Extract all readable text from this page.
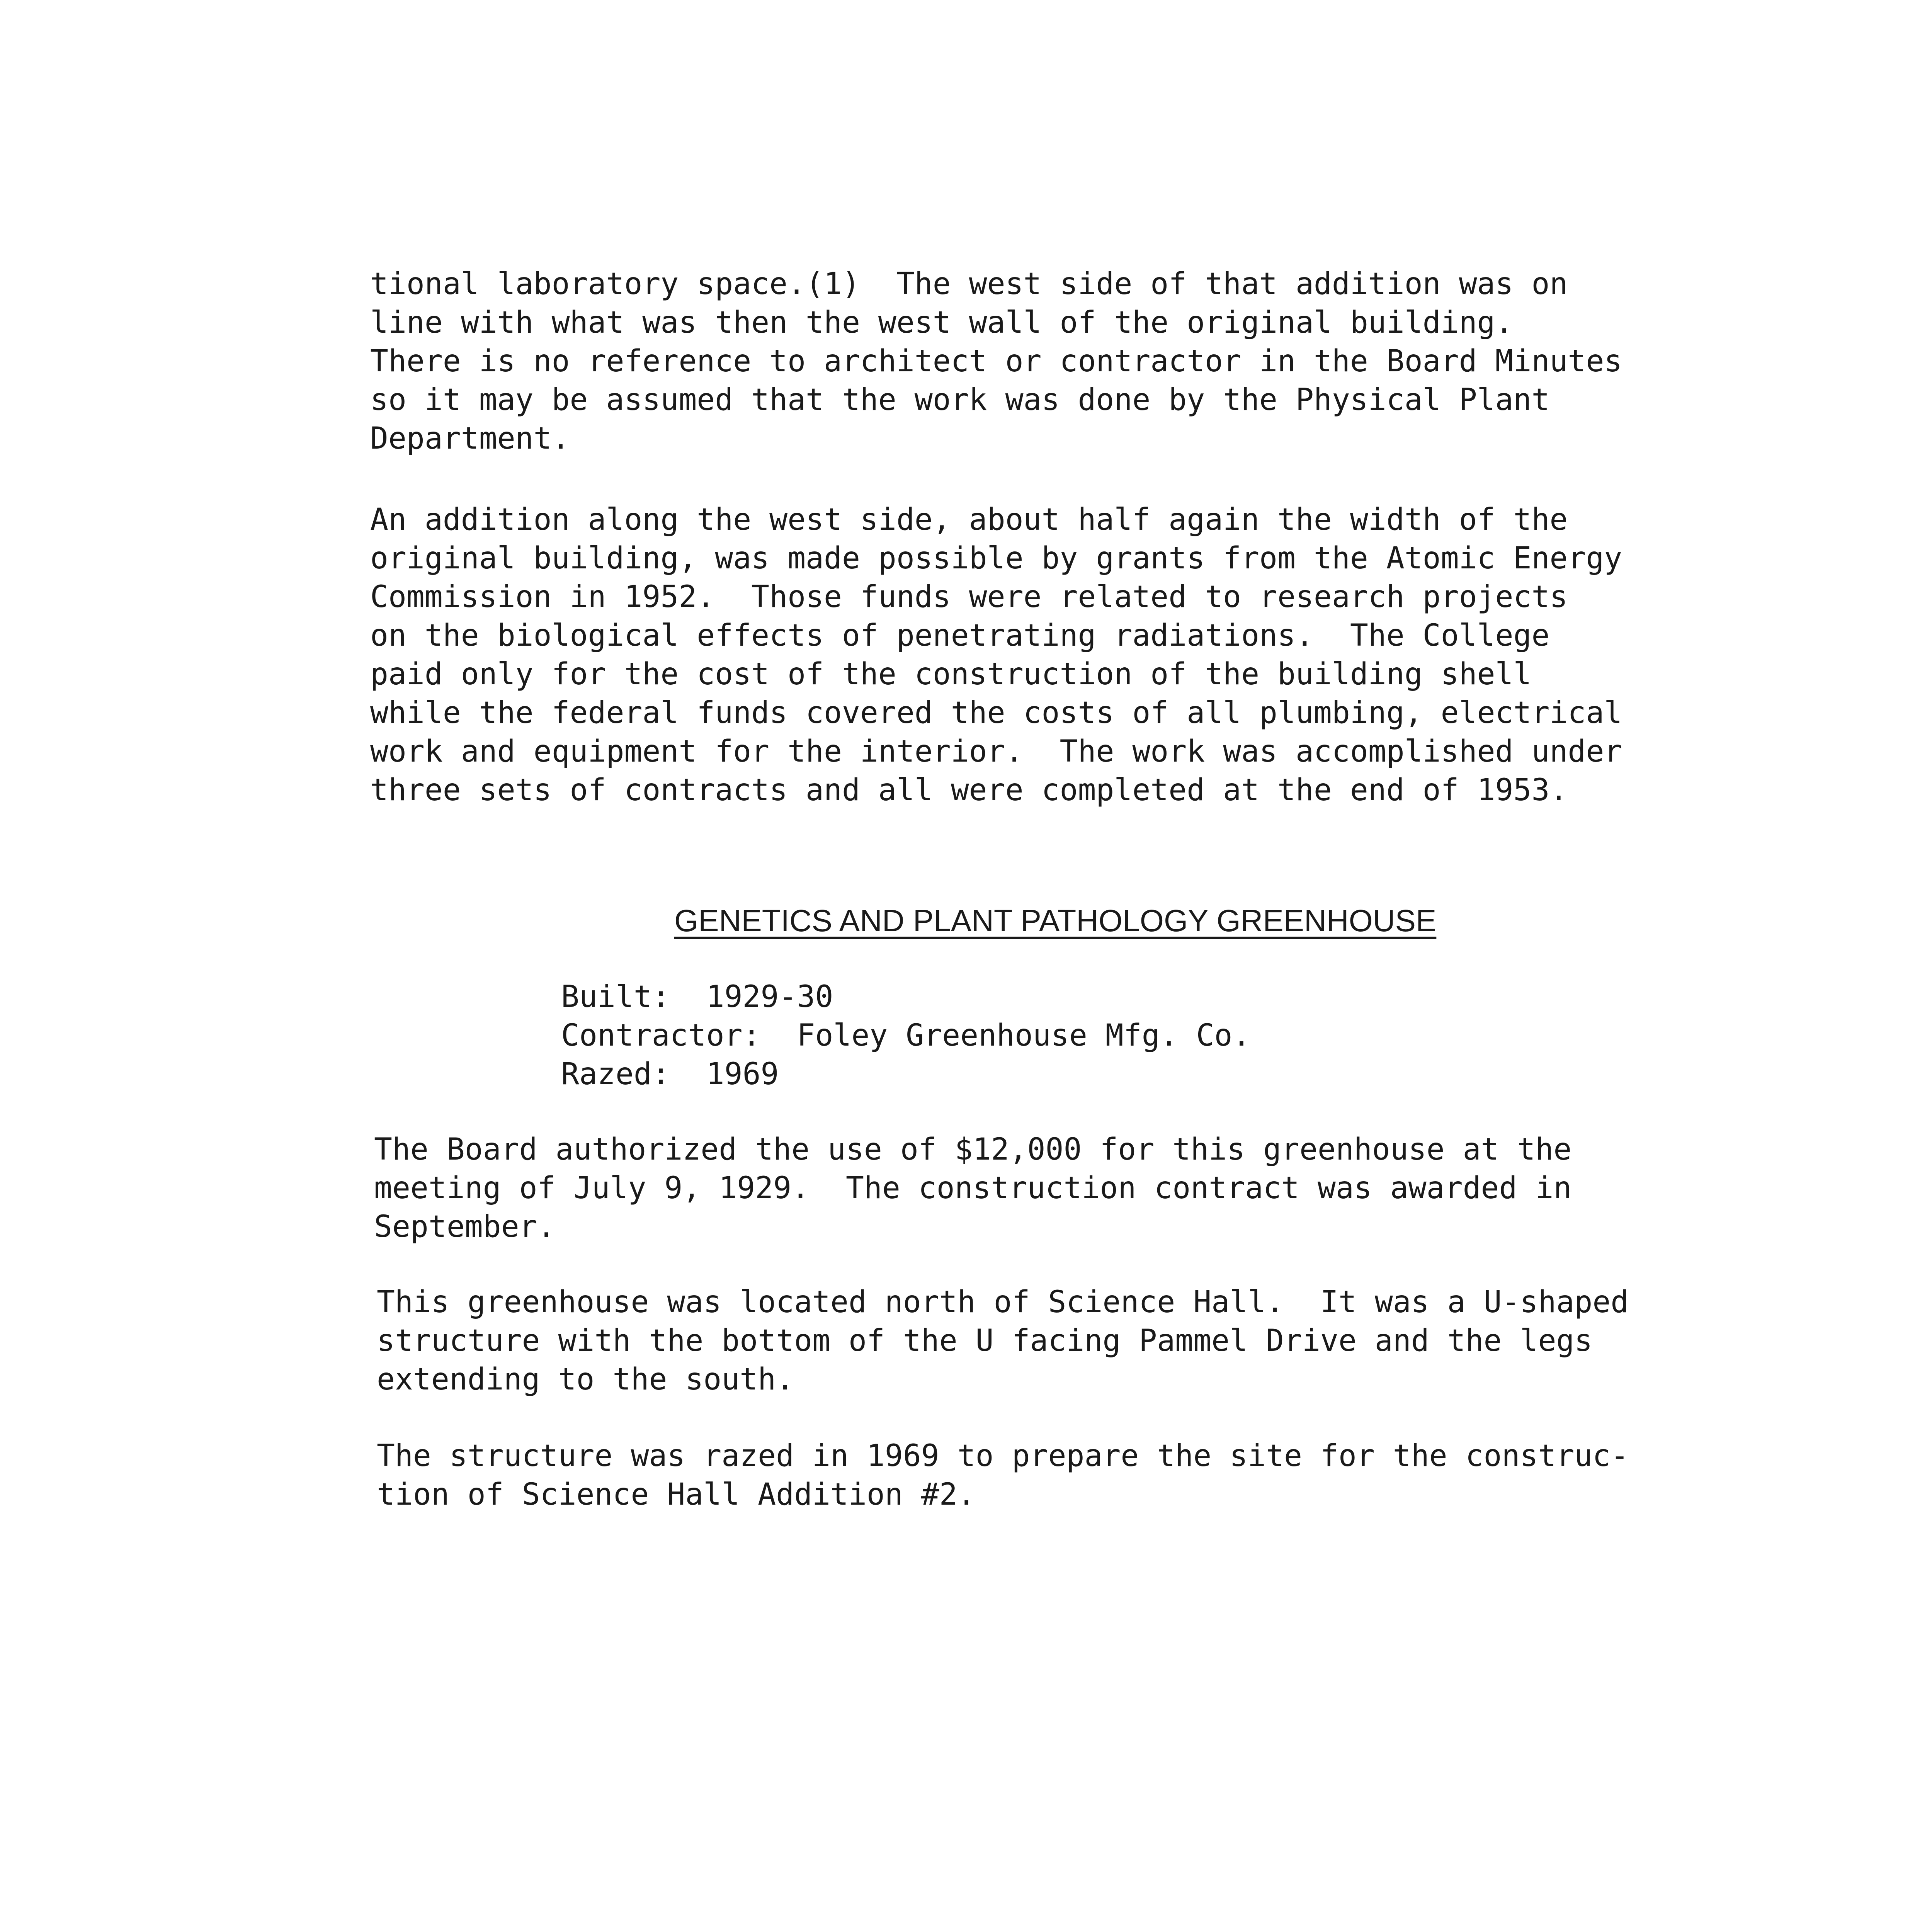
tional laboratory space.(1)  The west side of that addition was on
line with what was then the west wall of the original building.
There is no reference to architect or contractor in the Board Minutes
so it may be assumed that the work was done by the Physical Plant
Department.

An addition along the west side, about half again the width of the
original building, was made possible by grants from the Atomic Energy
Commission in 1952.  Those funds were related to research projects
on the biological effects of penetrating radiations.  The College
paid only for the cost of the construction of the building shell
while the federal funds covered the costs of all plumbing, electrical
work and equipment for the interior.  The work was accomplished under
three sets of contracts and all were completed at the end of 1953.

GENETICS AND PLANT PATHOLOGY GREENHOUSE

Built:  1929-30
Contractor:  Foley Greenhouse Mfg. Co.
Razed:  1969

The Board authorized the use of $12,000 for this greenhouse at the
meeting of July 9, 1929.  The construction contract was awarded in
September.

This greenhouse was located north of Science Hall.  It was a U-shaped
structure with the bottom of the U facing Pammel Drive and the legs
extending to the south.

The structure was razed in 1969 to prepare the site for the construc-
tion of Science Hall Addition #2.
